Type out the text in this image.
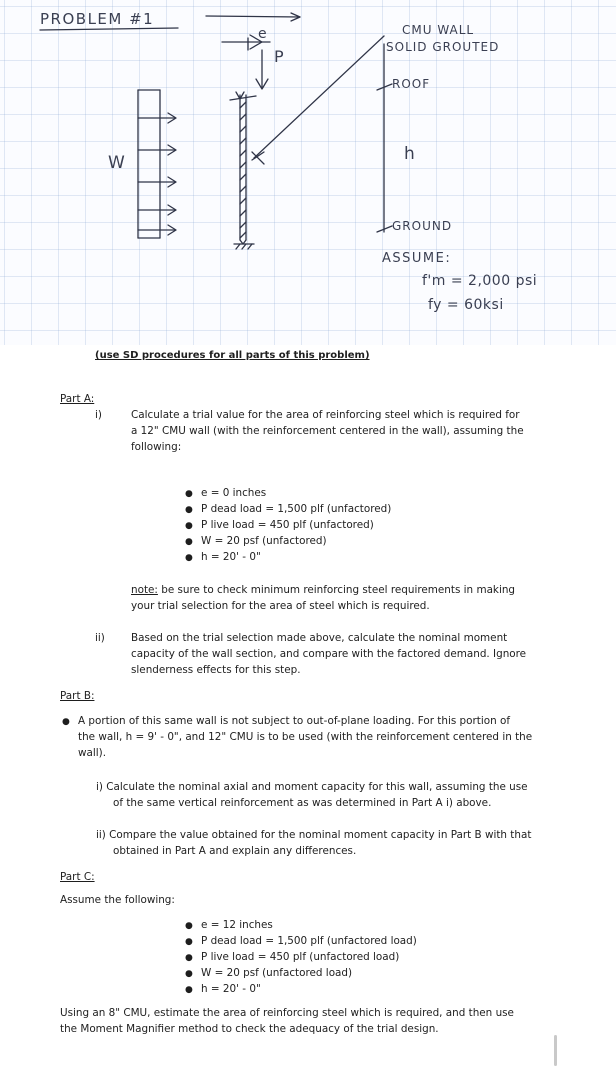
PROBLEM #1
e
P
W
CMU WALL
SOLID GROUTED
ROOF
h
GROUND
ASSUME:
f'm = 2,000 psi
fy = 60ksi
(use SD procedures for all parts of this problem)
Part A:
i)	Calculate a trial value for the area of reinforcing steel which is required for
a 12" CMU wall (with the reinforcement centered in the wall), assuming the
following:
● e = 0 inches
● P dead load = 1,500 plf (unfactored)
● P live load = 450 plf (unfactored)
● W = 20 psf (unfactored)
● h = 20' - 0"
note: be sure to check minimum reinforcing steel requirements in making
your trial selection for the area of steel which is required.
ii)	Based on the trial selection made above, calculate the nominal moment
capacity of the wall section, and compare with the factored demand. Ignore
slenderness effects for this step.
Part B:
● A portion of this same wall is not subject to out-of-plane loading. For this portion of
the wall, h = 9' - 0", and 12" CMU is to be used (with the reinforcement centered in the
wall).
i) Calculate the nominal axial and moment capacity for this wall, assuming the use
of the same vertical reinforcement as was determined in Part A i) above.
ii) Compare the value obtained for the nominal moment capacity in Part B with that
obtained in Part A and explain any differences.
Part C:
Assume the following:
● e = 12 inches
● P dead load = 1,500 plf (unfactored load)
● P live load = 450 plf (unfactored load)
● W = 20 psf (unfactored load)
● h = 20' - 0"
Using an 8" CMU, estimate the area of reinforcing steel which is required, and then use
the Moment Magnifier method to check the adequacy of the trial design.
